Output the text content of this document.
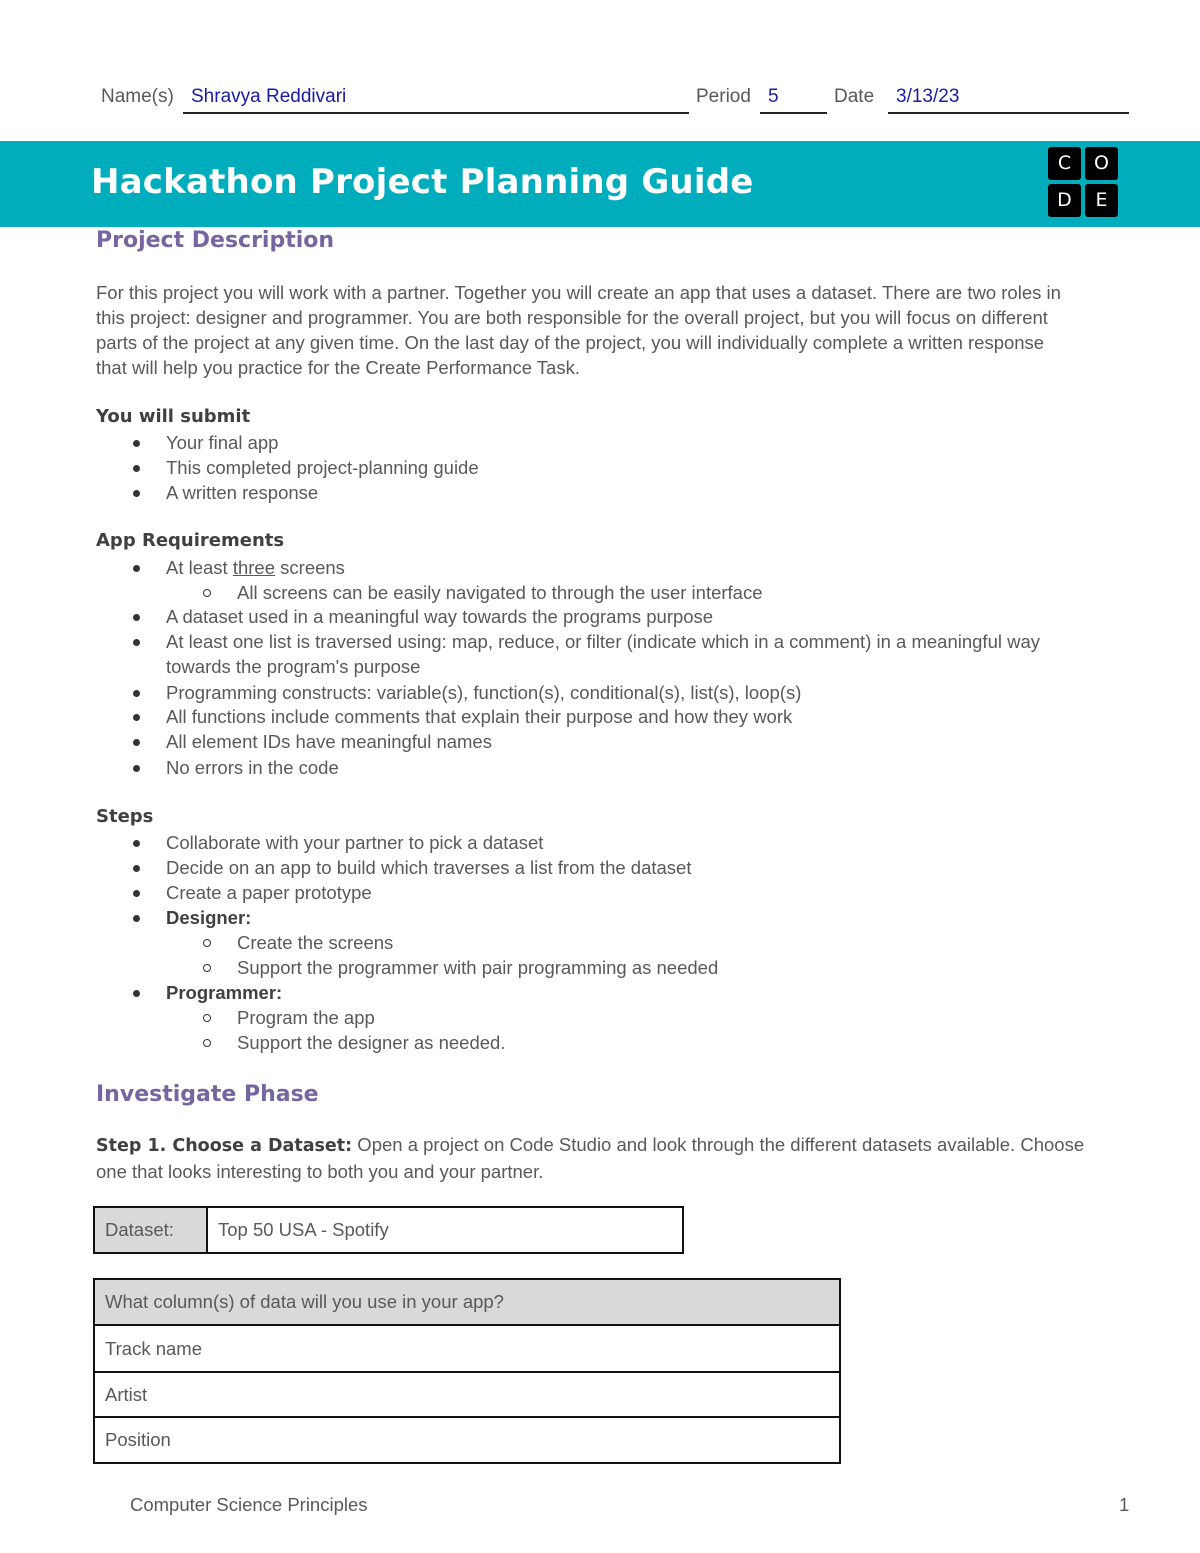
Name(s) Shravya Reddivari	Period 5	Date 3/13/23
Hackathon Project Planning Guide	C	O
D	E
Project Description
For this project you will work with a partner. Together you will create an app that uses a dataset. There are two roles in
this project: designer and programmer. You are both responsible for the overall project, but you will focus on different
parts of the project at any given time. On the last day of the project, you will individually complete a written response
that will help you practice for the Create Performance Task.
You will submit
Your final app
This completed project-planning guide
A written response
App Requirements
At least three screens
All screens can be easily navigated to through the user interface
A dataset used in a meaningful way towards the programs purpose
At least one list is traversed using: map, reduce, or filter (indicate which in a comment) in a meaningful way
towards the program's purpose
Programming constructs: variable(s), function(s), conditional(s), list(s), loop(s)
All functions include comments that explain their purpose and how they work
All element IDs have meaningful names
No errors in the code
Steps
Collaborate with your partner to pick a dataset
Decide on an app to build which traverses a list from the dataset
Create a paper prototype
Designer:
Create the screens
Support the programmer with pair programming as needed
Programmer:
Program the app
Support the designer as needed.
Investigate Phase
Step 1. Choose a Dataset: Open a project on Code Studio and look through the different datasets available. Choose
one that looks interesting to both you and your partner.
Dataset:	Top 50 USA - Spotify
What column(s) of data will you use in your app?
Track name
Artist
Position
Computer Science Principles	1
